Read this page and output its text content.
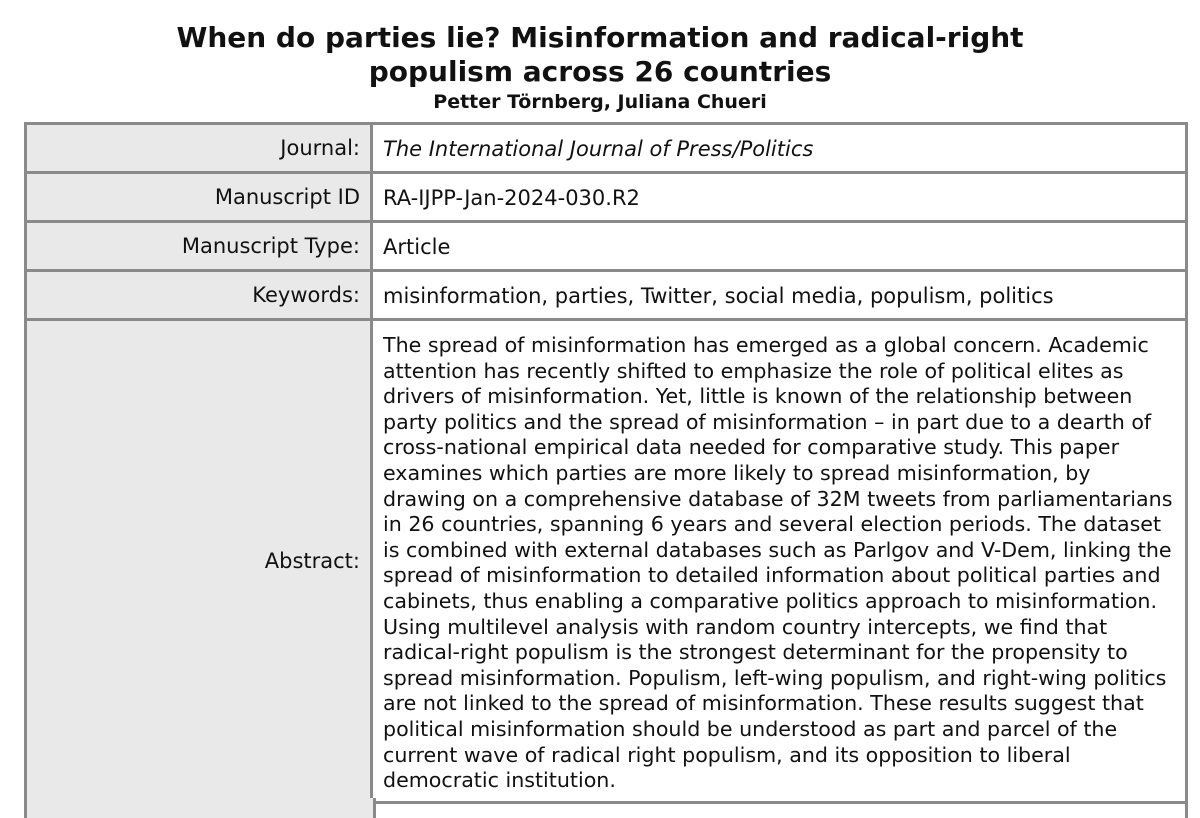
When do parties lie? Misinformation and radical-right
populism across 26 countries
Petter Törnberg, Juliana Chueri
Journal:	The International Journal of Press/Politics
Manuscript ID	RA-IJPP-Jan-2024-030.R2
Manuscript Type:	Article
Keywords:	misinformation, parties, Twitter, social media, populism, politics
Abstract:
The spread of misinformation has emerged as a global concern. Academic attention has recently shifted to emphasize the role of political elites as drivers of misinformation. Yet, little is known of the relationship between party politics and the spread of misinformation – in part due to a dearth of cross-national empirical data needed for comparative study. This paper examines which parties are more likely to spread misinformation, by drawing on a comprehensive database of 32M tweets from parliamentarians in 26 countries, spanning 6 years and several election periods. The dataset is combined with external databases such as Parlgov and V-Dem, linking the spread of misinformation to detailed information about political parties and cabinets, thus enabling a comparative politics approach to misinformation. Using multilevel analysis with random country intercepts, we find that radical-right populism is the strongest determinant for the propensity to spread misinformation. Populism, left-wing populism, and right-wing politics are not linked to the spread of misinformation. These results suggest that political misinformation should be understood as part and parcel of the current wave of radical right populism, and its opposition to liberal democratic institution.
